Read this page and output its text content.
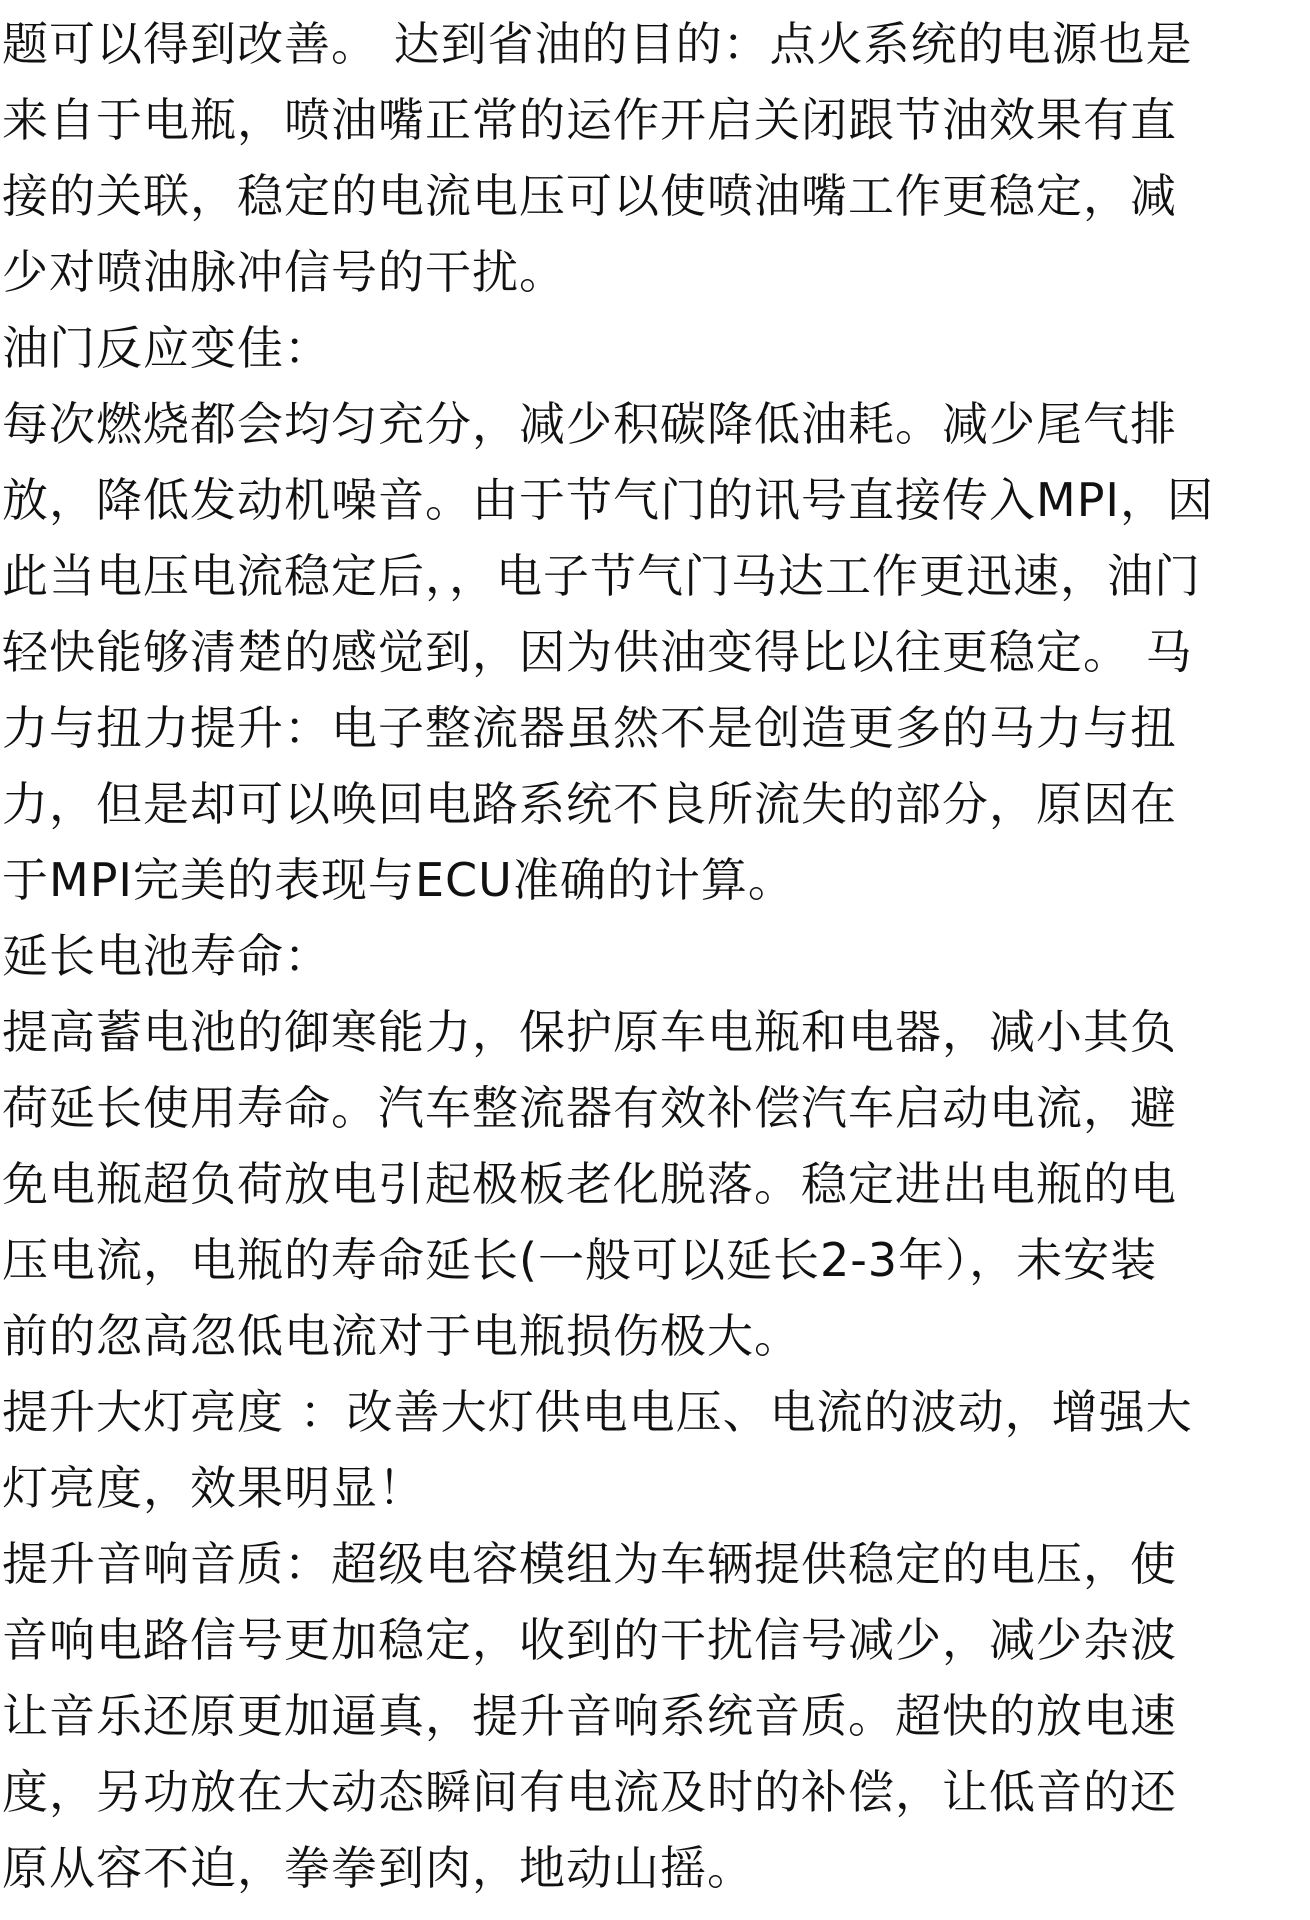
题可以得到改善。 达到省油的目的：点火系统的电源也是
来自于电瓶，喷油嘴正常的运作开启关闭跟节油效果有直
接的关联，稳定的电流电压可以使喷油嘴工作更稳定，减
少对喷油脉冲信号的干扰。
油门反应变佳：
每次燃烧都会均匀充分，减少积碳降低油耗。减少尾气排
放，降低发动机噪音。由于节气门的讯号直接传入MPI，因
此当电压电流稳定后，，电子节气门马达工作更迅速，油门
轻快能够清楚的感觉到，因为供油变得比以往更稳定。 马
力与扭力提升：电子整流器虽然不是创造更多的马力与扭
力，但是却可以唤回电路系统不良所流失的部分，原因在
于MPI完美的表现与ECU准确的计算。
延长电池寿命：
提高蓄电池的御寒能力，保护原车电瓶和电器，减小其负
荷延长使用寿命。汽车整流器有效补偿汽车启动电流，避
免电瓶超负荷放电引起极板老化脱落。稳定进出电瓶的电
压电流，电瓶的寿命延长(一般可以延长2-3年），未安装
前的忽高忽低电流对于电瓶损伤极大。
提升大灯亮度 ：改善大灯供电电压、电流的波动，增强大
灯亮度，效果明显！
提升音响音质：超级电容模组为车辆提供稳定的电压，使
音响电路信号更加稳定，收到的干扰信号减少，减少杂波
让音乐还原更加逼真，提升音响系统音质。超快的放电速
度，另功放在大动态瞬间有电流及时的补偿，让低音的还
原从容不迫，拳拳到肉，地动山摇。
